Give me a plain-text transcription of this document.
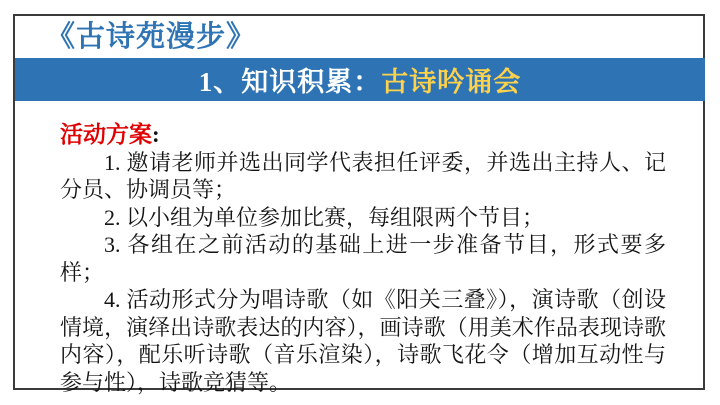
《古诗苑漫步》
1、知识积累： 古诗吟诵会
活动方案:

1. 邀请老师并选出同学代表担任评委，并选出主持人、记分员、协调员等；

2. 以小组为单位参加比赛，每组限两个节目；

3. 各组在之前活动的基础上进一步准备节目，形式要多样；

4. 活动形式分为唱诗歌（如《阳关三叠》），演诗歌（创设情境，演绎出诗歌表达的内容），画诗歌（用美术作品表现诗歌内容），配乐听诗歌（音乐渲染），诗歌飞花令（增加互动性与参与性），诗歌竞猜等。
